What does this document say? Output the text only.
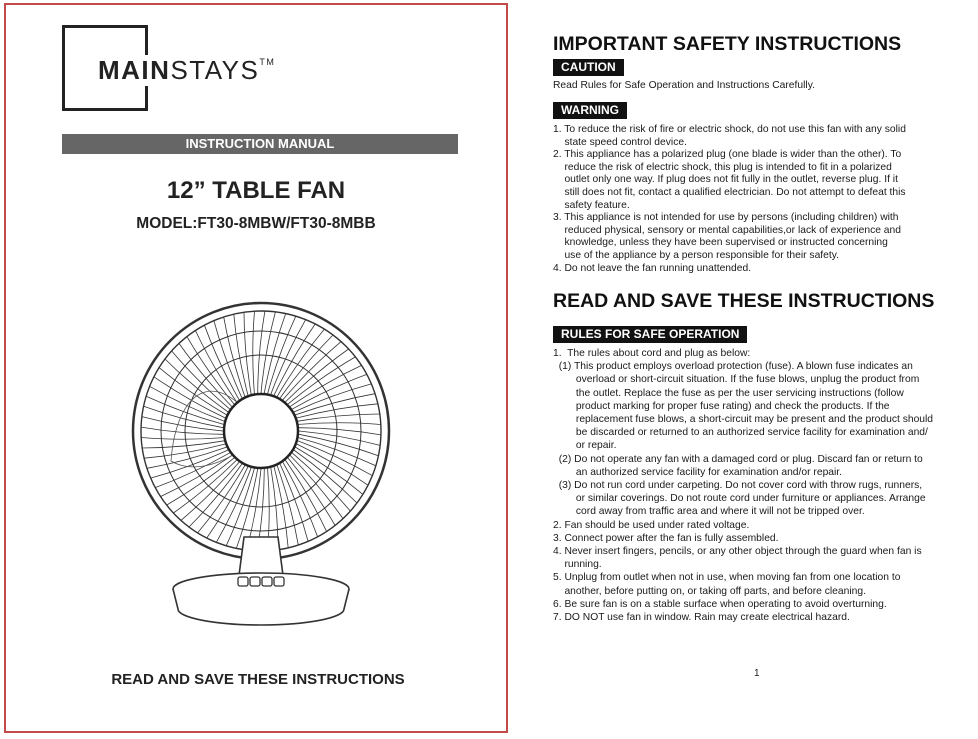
MAINSTAYS™
INSTRUCTION MANUAL
12” TABLE FAN
MODEL:FT30-8MBW/FT30-8MBB
READ AND SAVE THESE INSTRUCTIONS
IMPORTANT SAFETY INSTRUCTIONS
CAUTION
Read Rules for Safe Operation and Instructions Carefully.
WARNING
1. To reduce the risk of fire or electric shock, do not use this fan with any solid
state speed control device.
2. This appliance has a polarized plug (one blade is wider than the other). To
reduce the risk of electric shock, this plug is intended to fit in a polarized
outlet only one way. If plug does not fit fully in the outlet, reverse plug. If it
still does not fit, contact a qualified electrician. Do not attempt to defeat this
safety feature.
3. This appliance is not intended for use by persons (including children) with
reduced physical, sensory or mental capabilities,or lack of experience and
knowledge, unless they have been supervised or instructed concerning
use of the appliance by a person responsible for their safety.
4. Do not leave the fan running unattended.
READ AND SAVE THESE INSTRUCTIONS
RULES FOR SAFE OPERATION
1.  The rules about cord and plug as below:
(1) This product employs overload protection (fuse). A blown fuse indicates an
overload or short-circuit situation. If the fuse blows, unplug the product from
the outlet. Replace the fuse as per the user servicing instructions (follow
product marking for proper fuse rating) and check the products. If the
replacement fuse blows, a short-circuit may be present and the product should
be discarded or returned to an authorized service facility for examination and/
or repair.
(2) Do not operate any fan with a damaged cord or plug. Discard fan or return to
an authorized service facility for examination and/or repair.
(3) Do not run cord under carpeting. Do not cover cord with throw rugs, runners,
or similar coverings. Do not route cord under furniture or appliances. Arrange
cord away from traffic area and where it will not be tripped over.
2. Fan should be used under rated voltage.
3. Connect power after the fan is fully assembled.
4. Never insert fingers, pencils, or any other object through the guard when fan is
running.
5. Unplug from outlet when not in use, when moving fan from one location to
another, before putting on, or taking off parts, and before cleaning.
6. Be sure fan is on a stable surface when operating to avoid overturning.
7. DO NOT use fan in window. Rain may create electrical hazard.
1
